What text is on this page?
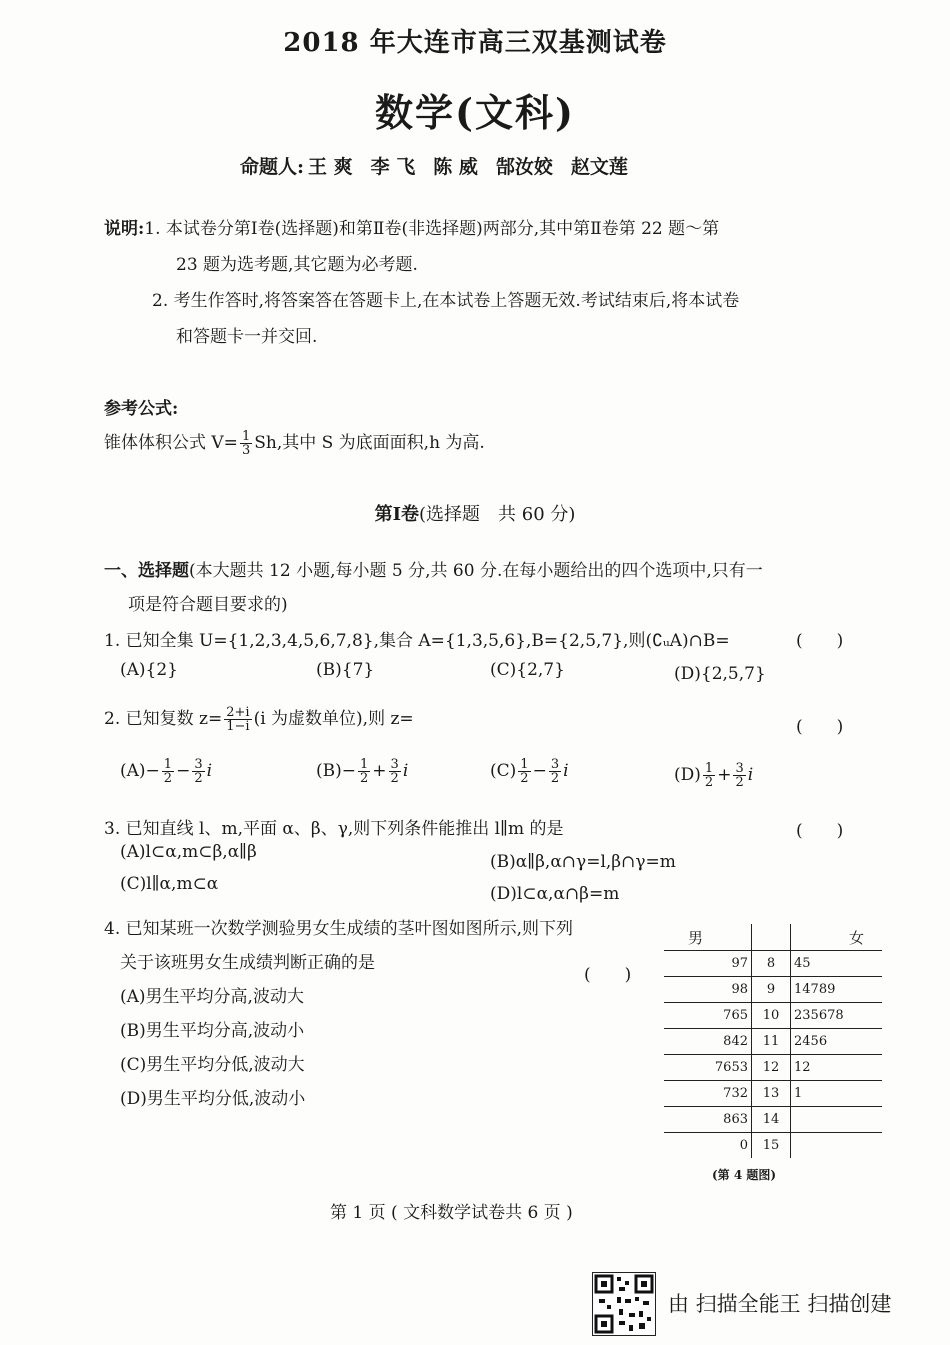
2018 年大连市高三双基测试卷
数学(文科)
命题人: 王 爽 李 飞 陈 威 郜汝姣 赵文莲
说明:1. 本试卷分第Ⅰ卷(选择题)和第Ⅱ卷(非选择题)两部分,其中第Ⅱ卷第 22 题～第
23 题为选考题,其它题为必考题.
2. 考生作答时,将答案答在答题卡上,在本试卷上答题无效.考试结束后,将本试卷
和答题卡一并交回.
参考公式:
锥体体积公式 $V= \frac{1}{3} Sh$,其中 S 为底面面积,h 为高.
第Ⅰ卷(选择题　共 60 分)
一、选择题(本大题共 12 小题,每小题 5 分,共 60 分.在每小题给出的四个选项中,只有一
项是符合题目要求的)
1. 已知全集 U={1,2,3,4,5,6,7,8},集合 A={1,3,5,6},B={2,5,7},则(∁ᵤA)∩B=	(　　)
(A){2}	(B){7}	(C){2,7}	(D){2,5,7}
2. 已知复数 $z= \frac{2+i}{1-i} (i$ 为虚数单位),则 z=	(　　)
$(A)- \frac{1}{2} - \frac{3}{2}$ i	$(B)- \frac{1}{2} + \frac{3}{2}$ i	$(C) \frac{1}{2} - \frac{3}{2}$ i	$(D) \frac{1}{2} + \frac{3}{2}$ i
3. 已知直线 l、m,平面 α、β、γ,则下列条件能推出 l∥m 的是	(　　)
(A)l⊂α,m⊂β,α∥β	(B)α∥β,α∩γ=l,β∩γ=m
(C)l∥α,m⊂α	(D)l⊂α,α∩β=m
4. 已知某班一次数学测验男女生成绩的茎叶图如图所示,则下列
关于该班男女生成绩判断正确的是
(　　)
(A)男生平均分高,波动大
(B)男生平均分高,波动小
(C)男生平均分低,波动大
(D)男生平均分低,波动小
男		女
97	8	45
98	9	14789
765	10	235678
842	11	2456
7653	12	12
732	13	1
863	14	
0	15	
(第 4 题图)
第 1 页 ( 文科数学试卷共 6 页 )
由 扫描全能王 扫描创建
